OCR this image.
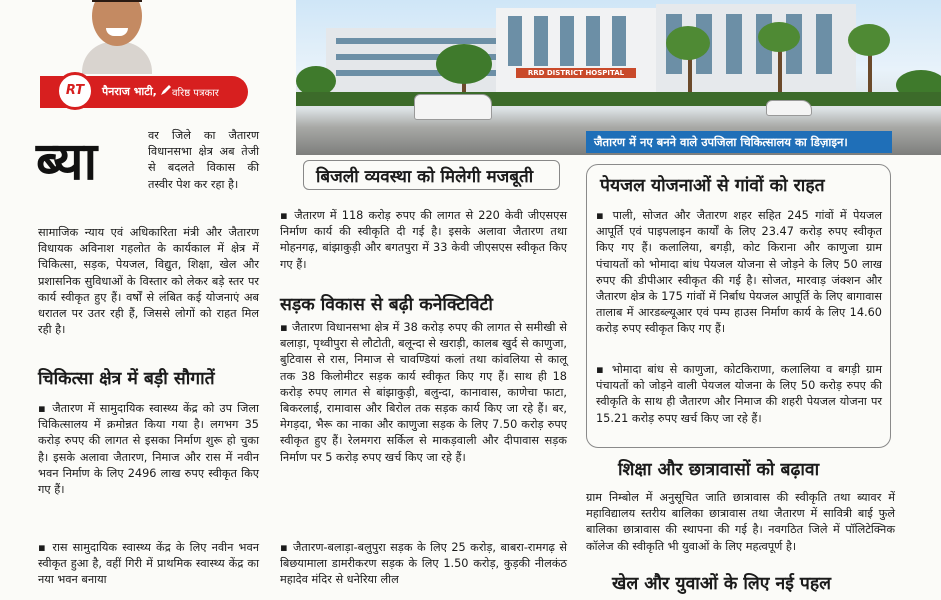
RT	पैनराज भाटी, वरिष्ठ पत्रकार
RRD DISTRICT HOSPITAL
जैतारण में नए बनने वाले उपजिला चिकित्सालय का डिज़ाइन।
ब्या	वर जिले का जैतारण विधानसभा क्षेत्र अब तेजी से बदलते विकास की तस्वीर पेश कर रहा है।

सामाजिक न्याय एवं अधिकारिता मंत्री और जैतारण विधायक अविनाश गहलोत के कार्यकाल में क्षेत्र में चिकित्सा, सड़क, पेयजल, विद्युत, शिक्षा, खेल और प्रशासनिक सुविधाओं के विस्तार को लेकर बड़े स्तर पर कार्य स्वीकृत हुए हैं। वर्षों से लंबित कई योजनाएं अब धरातल पर उतर रही हैं, जिससे लोगों को राहत मिल रही है।

चिकित्सा क्षेत्र में बड़ी सौगातें

▪ जैतारण में सामुदायिक स्वास्थ्य केंद्र को उप जिला चिकित्सालय में क्रमोन्नत किया गया है। लगभग 35 करोड़ रुपए की लागत से इसका निर्माण शुरू हो चुका है। इसके अलावा जैतारण, निमाज और रास में नवीन भवन निर्माण के लिए 2496 लाख रुपए स्वीकृत किए गए हैं।

▪ रास सामुदायिक स्वास्थ्य केंद्र के लिए नवीन भवन स्वीकृत हुआ है, वहीं गिरी में प्राथमिक स्वास्थ्य केंद्र का नया भवन बनाया

बिजली व्यवस्था को मिलेगी मजबूती

▪ जैतारण में 118 करोड़ रुपए की लागत से 220 केवी जीएसएस निर्माण कार्य की स्वीकृति दी गई है। इसके अलावा जैतारण तथा मोहनगढ़, बांझाकुड़ी और बगतपुरा में 33 केवी जीएसएस स्वीकृत किए गए हैं।

सड़क विकास से बढ़ी कनेक्टिविटी

▪ जैतारण विधानसभा क्षेत्र में 38 करोड़ रुपए की लागत से समीखी से बलाड़ा, पृथ्वीपुरा से लौटोती, बलून्दा से खराड़ी, कालब खुर्द से काणुजा, बुटिवास से रास, निमाज से चावण्डियां कलां तथा कांवलिया से कालू तक 38 किलोमीटर सड़क कार्य स्वीकृत किए गए हैं। साथ ही 18 करोड़ रुपए लागत से बांझाकुड़ी, बलुन्दा, कानावास, काणेचा फाटा, बिकरलाई, रामावास और बिरोल तक सड़क कार्य किए जा रहे हैं। बर, मेगड़दा, भैरू का नाका और काणुजा सड़क के लिए 7.50 करोड़ रुपए स्वीकृत हुए हैं। रेलमगरा सर्किल से माकड़वाली और दीपावास सड़क निर्माण पर 5 करोड़ रुपए खर्च किए जा रहे हैं।

▪ जैतारण-बलाड़ा-बलुपुरा सड़क के लिए 25 करोड़, बाबरा-रामगढ़ से बिछयामाला डामरीकरण सड़क के लिए 1.50 करोड़, कुड़की नीलकंठ महादेव मंदिर से धनेरिया लील

पेयजल योजनाओं से गांवों को राहत

▪ पाली, सोजत और जैतारण शहर सहित 245 गांवों में पेयजल आपूर्ति एवं पाइपलाइन कार्यों के लिए 23.47 करोड़ रुपए स्वीकृत किए गए हैं। कलालिया, बगड़ी, कोट किराना और काणुजा ग्राम पंचायतों को भोमादा बांध पेयजल योजना से जोड़ने के लिए 50 लाख रुपए की डीपीआर स्वीकृत की गई है। सोजत, मारवाड़ जंक्शन और जैतारण क्षेत्र के 175 गांवों में निर्बाध पेयजल आपूर्ति के लिए बागावास तालाब में आरडब्ल्यूआर एवं पम्प हाउस निर्माण कार्य के लिए 14.60 करोड़ रुपए स्वीकृत किए गए हैं।

▪ भोमादा बांध से काणुजा, कोटकिराणा, कलालिया व बगड़ी ग्राम पंचायतों को जोड़ने वाली पेयजल योजना के लिए 50 करोड़ रुपए की स्वीकृति के साथ ही जैतारण और निमाज की शहरी पेयजल योजना पर 15.21 करोड़ रुपए खर्च किए जा रहे हैं।

शिक्षा और छात्रावासों को बढ़ावा

ग्राम निम्बोल में अनुसूचित जाति छात्रावास की स्वीकृति तथा ब्यावर में महाविद्यालय स्तरीय बालिका छात्रावास तथा जैतारण में सावित्री बाई फुले बालिका छात्रावास की स्थापना की गई है। नवगठित जिले में पॉलिटेक्निक कॉलेज की स्वीकृति भी युवाओं के लिए महत्वपूर्ण है।

खेल और युवाओं के लिए नई पहल
